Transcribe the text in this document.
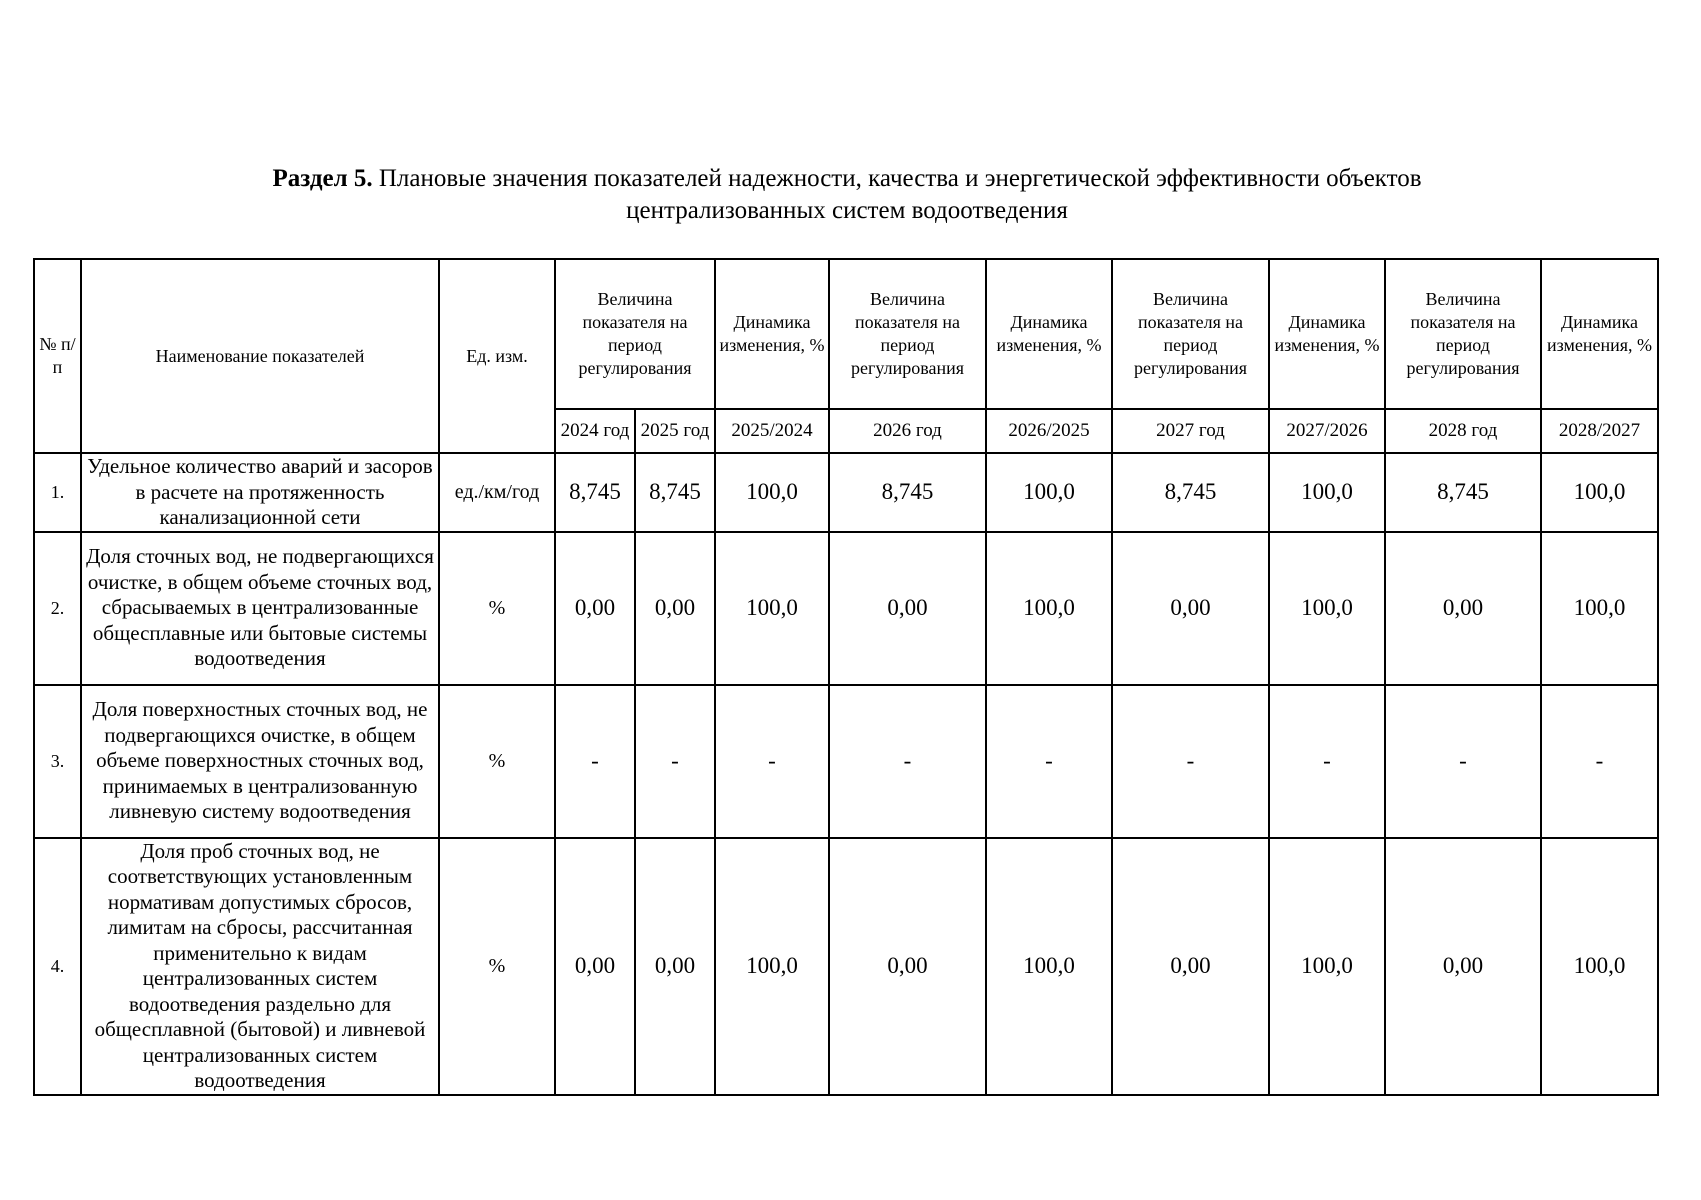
Раздел 5. Плановые значения показателей надежности, качества и энергетической эффективности объектов
централизованных систем водоотведения
№ п/п	Наименование показателей	Ед. изм.	Величина показателя на период регулирования		Динамика изменения, %	Величина показателя на период регулирования	Динамика изменения, %	Величина показателя на период регулирования	Динамика изменения, %	Величина показателя на период регулирования	Динамика изменения, %
			2024 год	2025 год	2025/2024	2026 год	2026/2025	2027 год	2027/2026	2028 год	2028/2027
1.	Удельное количество аварий и засоров в расчете на протяженность канализационной сети	ед./км/год	8,745	8,745	100,0	8,745	100,0	8,745	100,0	8,745	100,0
2.	Доля сточных вод, не подвергающихся очистке, в общем объеме сточных вод, сбрасываемых в централизованные общесплавные или бытовые системы водоотведения	%	0,00	0,00	100,0	0,00	100,0	0,00	100,0	0,00	100,0
3.	Доля поверхностных сточных вод, не подвергающихся очистке, в общем объеме поверхностных сточных вод, принимаемых в централизованную ливневую систему водоотведения	%	-	-	-	-	-	-	-	-	-
4.	Доля проб сточных вод, не соответствующих установленным нормативам допустимых сбросов, лимитам на сбросы, рассчитанная применительно к видам централизованных систем водоотведения раздельно для общесплавной (бытовой) и ливневой централизованных систем водоотведения	%	0,00	0,00	100,0	0,00	100,0	0,00	100,0	0,00	100,0
